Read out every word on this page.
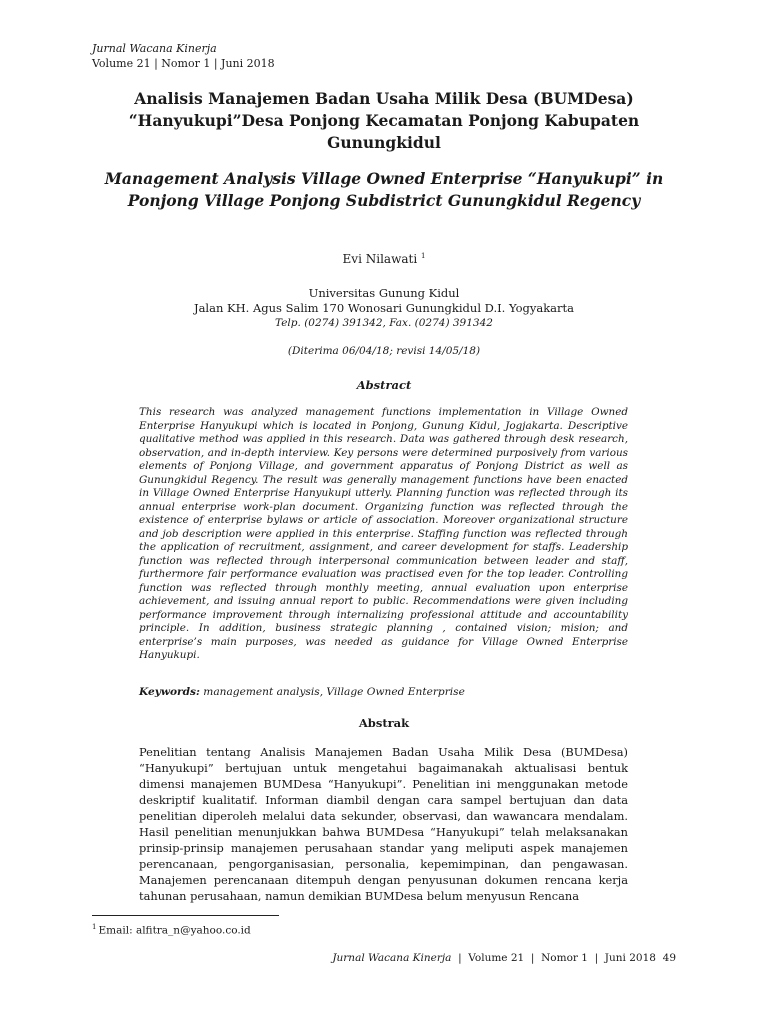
Jurnal Wacana Kinerja
Volume 21 | Nomor 1 | Juni 2018
Analisis Manajemen Badan Usaha Milik Desa (BUMDesa)
“Hanyukupi”Desa Ponjong Kecamatan Ponjong Kabupaten
Gunungkidul
Management Analysis Village Owned Enterprise “Hanyukupi” in
Ponjong Village Ponjong Subdistrict Gunungkidul Regency
Evi Nilawati $^1$
Universitas Gunung Kidul
Jalan KH. Agus Salim 170 Wonosari Gunungkidul D.I. Yogyakarta
Telp. (0274) 391342, Fax. (0274) 391342
(Diterima 06/04/18; revisi 14/05/18)
Abstract
This research was analyzed management functions implementation in Village Owned Enterprise Hanyukupi which is located in Ponjong, Gunung Kidul, Jogjakarta. Descriptive qualitative method was applied in this research. Data was gathered through desk research, observation, and in-depth interview. Key persons were determined purposively from various elements of Ponjong Village, and government apparatus of Ponjong District as well as Gunungkidul Regency. The result was generally management functions have been enacted in Village Owned Enterprise Hanyukupi utterly. Planning function was reflected through its annual enterprise work-plan document. Organizing function was reflected through the existence of enterprise bylaws or article of association. Moreover organizational structure and job description were applied in this enterprise. Staffing function was reflected through the application of recruitment, assignment, and career development for staffs. Leadership function was reflected through interpersonal communication between leader and staff, furthermore fair performance evaluation was practised even for the top leader. Controlling function was reflected through monthly meeting, annual evaluation upon enterprise achievement, and issuing annual report to public. Recommendations were given including performance improvement through internalizing professional attitude and accountability principle. In addition, business strategic planning , contained vision; mision; and enterprise’s main purposes, was needed as guidance for Village Owned Enterprise Hanyukupi.
Keywords: management analysis, Village Owned Enterprise
Abstrak
Penelitian tentang Analisis Manajemen Badan Usaha Milik Desa (BUMDesa) “Hanyukupi” bertujuan untuk mengetahui bagaimanakah aktualisasi bentuk dimensi manajemen BUMDesa “Hanyukupi”. Penelitian ini menggunakan metode deskriptif kualitatif. Informan diambil dengan cara sampel bertujuan dan data penelitian diperoleh melalui data sekunder, observasi, dan wawancara mendalam. Hasil penelitian menunjukkan bahwa BUMDesa “Hanyukupi” telah melaksanakan prinsip-prinsip manajemen perusahaan standar yang meliputi aspek manajemen perencanaan, pengorganisasian, personalia, kepemimpinan, dan pengawasan. Manajemen perencanaan ditempuh dengan penyusunan dokumen rencana kerja tahunan perusahaan, namun demikian BUMDesa belum menyusun Rencana
$^1$ Email: alfitra_n@yahoo.co.id
Jurnal Wacana Kinerja  |  Volume 21  |  Nomor 1  |  Juni 2018  49
